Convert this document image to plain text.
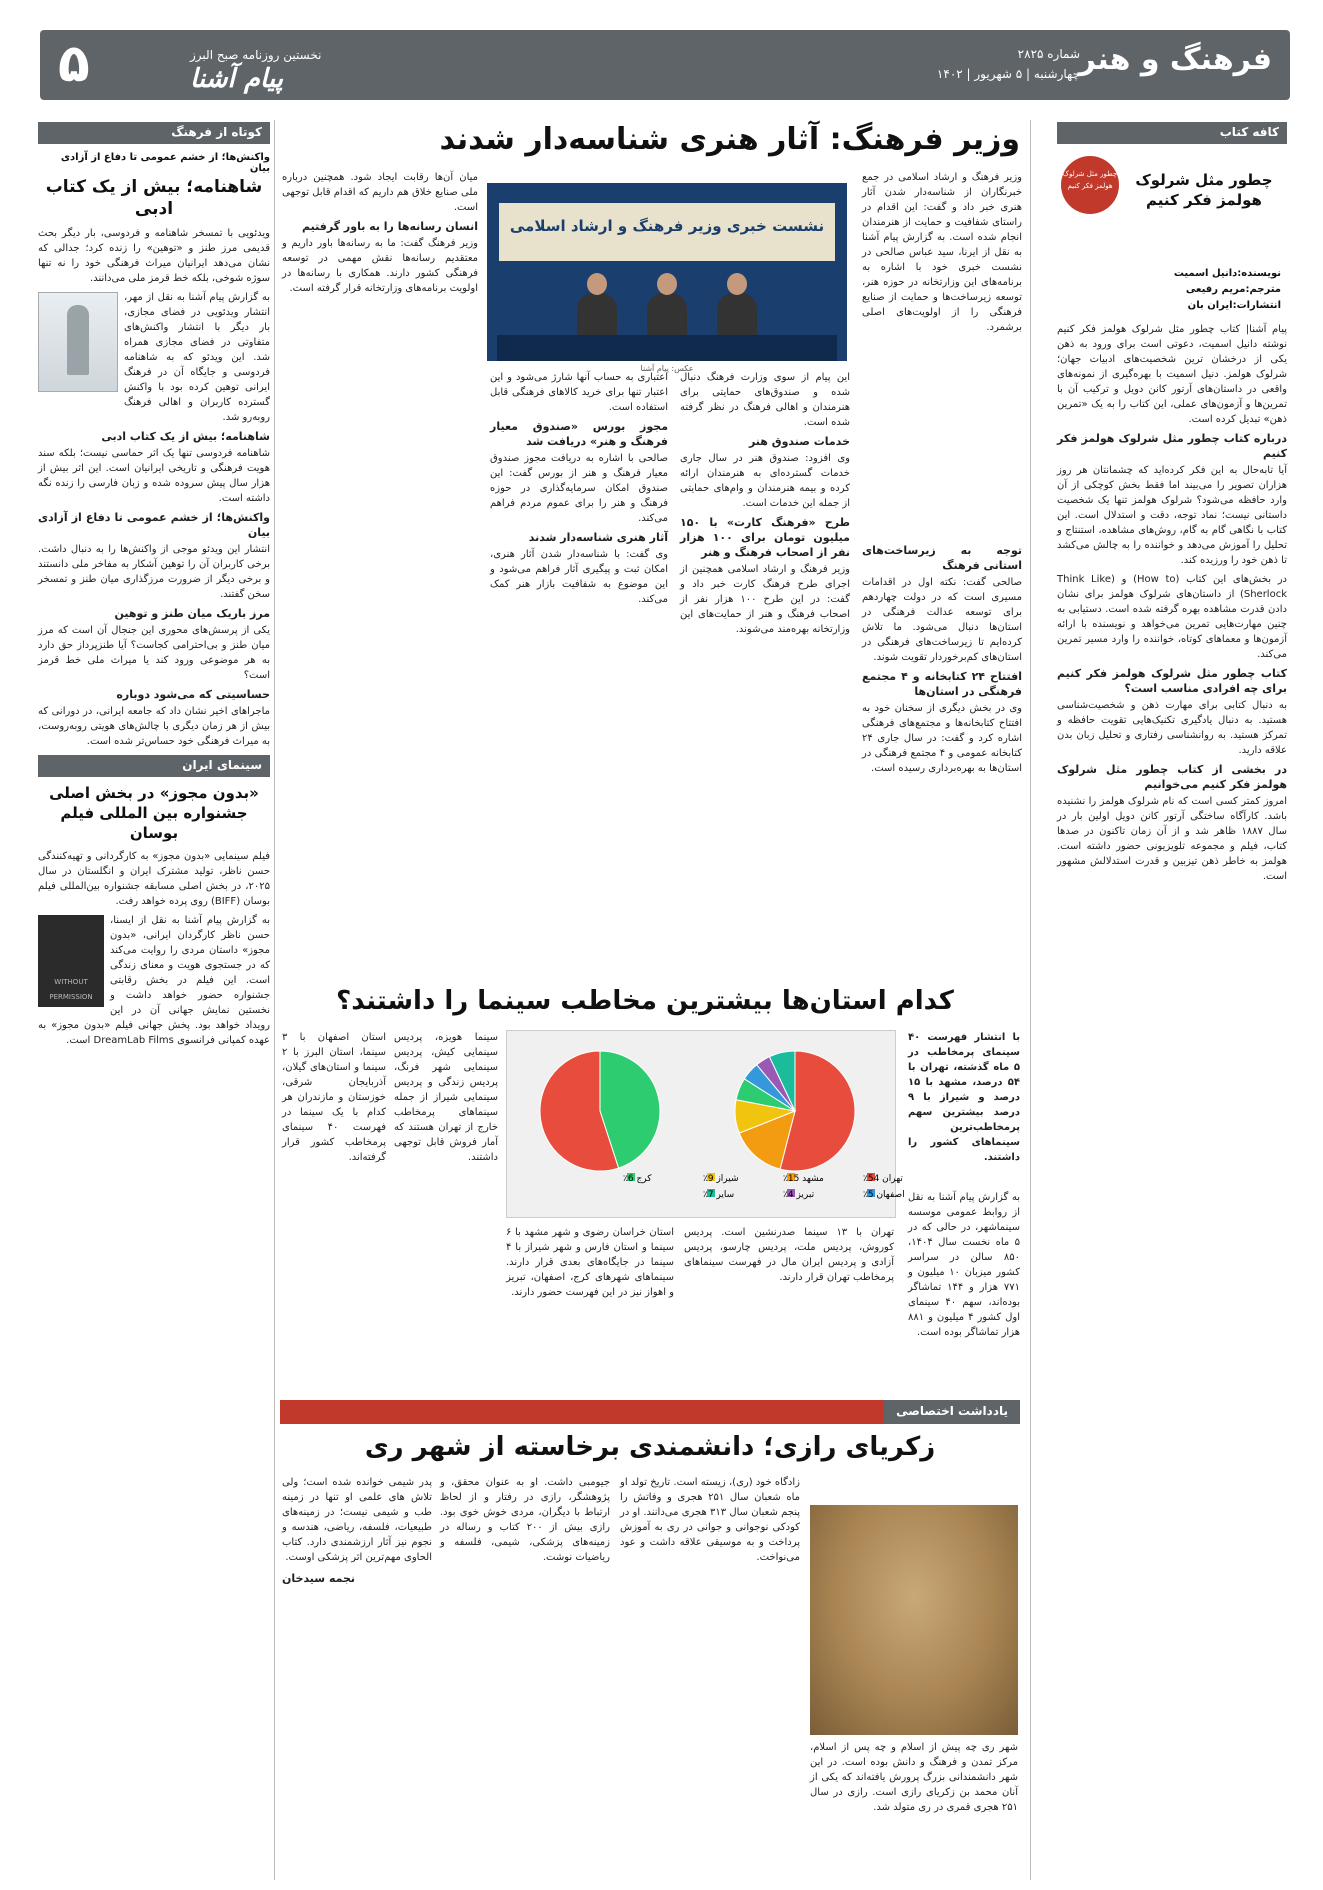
فرهنگ و هنر
شماره ۲۸۲۵
چهارشنبه | ۵ شهریور | ۱۴۰۲
نخستین روزنامه صبح البرز
پیام آشنا
۵
کافه کتاب
چطور مثل شرلوک هولمز فکر کنیم	چطور مثل شرلوک هولمز فکر کنیم
نویسنده:دانیل اسمیت
مترجم:مریم رفیعی
انتشارات:ایران بان

پیام آشنا| کتاب چطور مثل شرلوک هولمز فکر کنیم نوشته دانیل اسمیت، دعوتی است برای ورود به ذهن یکی از درخشان ترین شخصیت‌های ادبیات جهان؛ شرلوک هولمز. دنیل اسمیت با بهره‌گیری از نمونه‌های واقعی در داستان‌های آرتور کانن دویل و ترکیب آن با تمرین‌ها و آزمون‌های عملی، این کتاب را به یک «تمرین ذهن» تبدیل کرده است.

درباره کتاب چطور مثل شرلوک هولمز فکر کنیم

آیا تابه‌حال به این فکر کرده‌اید که چشمانتان هر روز هزاران تصویر را می‌بیند اما فقط بخش کوچکی از آن وارد حافظه می‌شود؟ شرلوک هولمز تنها یک شخصیت داستانی نیست؛ نماد توجه، دقت و استدلال است. این کتاب با نگاهی گام به گام، روش‌های مشاهده، استنتاج و تحلیل را آموزش می‌دهد و خواننده را به چالش می‌کشد تا ذهن خود را ورزیده کند.

در بخش‌های این کتاب (How to) و (Think Like Sherlock) از داستان‌های شرلوک هولمز برای نشان دادن قدرت مشاهده بهره گرفته شده است. دستیابی به چنین مهارت‌هایی تمرین می‌خواهد و نویسنده با ارائه آزمون‌ها و معماهای کوتاه، خواننده را وارد مسیر تمرین می‌کند.

کتاب چطور مثل شرلوک هولمز فکر کنیم برای چه افرادی مناسب است؟

به دنبال کتابی برای مهارت ذهن و شخصیت‌شناسی هستید. به دنبال یادگیری تکنیک‌هایی تقویت حافظه و تمرکز هستید. به روانشناسی رفتاری و تحلیل زبان بدن علاقه دارید.

در بخشی از کتاب چطور مثل شرلوک هولمز فکر کنیم می‌خوانیم

امروز کمتر کسی است که نام شرلوک هولمز را نشنیده باشد. کارآگاه ساختگی آرتور کانن دویل اولین بار در سال ۱۸۸۷ ظاهر شد و از آن زمان تاکنون در صدها کتاب، فیلم و مجموعه تلویزیونی حضور داشته است. هولمز به خاطر ذهن تیزبین و قدرت استدلالش مشهور است.

کوتاه از فرهنگ
واکنش‌ها؛ از خشم عمومی تا دفاع از آزادی بیان
شاهنامه؛ بیش از یک کتاب ادبی

ویدئویی با تمسخر شاهنامه و فردوسی، بار دیگر بحث قدیمی مرز طنز و «توهین» را زنده کرد؛ جدالی که نشان می‌دهد ایرانیان میراث فرهنگی خود را نه تنها سوژه شوخی، بلکه خط قرمز ملی می‌دانند.

به گزارش پیام آشنا به نقل از مهر، انتشار ویدئویی در فضای مجازی، بار دیگر با انتشار واکنش‌های متفاوتی در فضای مجازی همراه شد. این ویدئو که به شاهنامه فردوسی و جایگاه آن در فرهنگ ایرانی توهین کرده بود با واکنش گسترده کاربران و اهالی فرهنگ روبه‌رو شد.

شاهنامه؛ بیش از یک کتاب ادبی

شاهنامه فردوسی تنها یک اثر حماسی نیست؛ بلکه سند هویت فرهنگی و تاریخی ایرانیان است. این اثر بیش از هزار سال پیش سروده شده و زبان فارسی را زنده نگه داشته است.

واکنش‌ها؛ از خشم عمومی تا دفاع از آزادی بیان

انتشار این ویدئو موجی از واکنش‌ها را به دنبال داشت. برخی کاربران آن را توهین آشکار به مفاخر ملی دانستند و برخی دیگر از ضرورت مرزگذاری میان طنز و تمسخر سخن گفتند.

مرز باریک میان طنز و توهین

یکی از پرسش‌های محوری این جنجال آن است که مرز میان طنز و بی‌احترامی کجاست؟ آیا طنزپرداز حق دارد به هر موضوعی ورود کند یا میراث ملی خط قرمز است؟

حساسیتی که می‌شود دوباره

ماجراهای اخیر نشان داد که جامعه ایرانی، در دورانی که بیش از هر زمان دیگری با چالش‌های هویتی روبه‌روست، به میراث فرهنگی خود حساس‌تر شده است.

سینمای ایران
«بدون مجوز» در بخش اصلی جشنواره بین المللی فیلم بوسان

فیلم سینمایی «بدون مجوز» به کارگردانی و تهیه‌کنندگی حسن ناظر، تولید مشترک ایران و انگلستان در سال ۲۰۲۵، در بخش اصلی مسابقه جشنواره بین‌المللی فیلم بوسان (BIFF) روی پرده خواهد رفت.

WITHOUT PERMISSION

به گزارش پیام آشنا به نقل از ایسنا، حسن ناظر کارگردان ایرانی، «بدون مجوز» داستان مردی را روایت می‌کند که در جستجوی هویت و معنای زندگی است. این فیلم در بخش رقابتی جشنواره حضور خواهد داشت و نخستین نمایش جهانی آن در این رویداد خواهد بود. پخش جهانی فیلم «بدون مجوز» به عهده کمپانی فرانسوی DreamLab Films است.

وزیر فرهنگ: آثار هنری شناسه‌دار شدند
نشست خبری وزیر فرهنگ و ارشاد اسلامی

وزیر فرهنگ و ارشاد اسلامی در جمع خبرنگاران از شناسه‌دار شدن آثار هنری خبر داد و گفت: این اقدام در راستای شفافیت و حمایت از هنرمندان انجام شده است. به گزارش پیام آشنا به نقل از ایرنا، سید عباس صالحی در نشست خبری خود با اشاره به برنامه‌های این وزارتخانه در حوزه هنر، توسعه زیرساخت‌ها و حمایت از صنایع فرهنگی را از اولویت‌های اصلی برشمرد.

توجه به زیرساخت‌های استانی فرهنگ

صالحی گفت: نکته اول در اقدامات مسیری است که در دولت چهاردهم برای توسعه عدالت فرهنگی در استان‌ها دنبال می‌شود. ما تلاش کرده‌ایم تا زیرساخت‌های فرهنگی در استان‌های کم‌برخوردار تقویت شوند.

افتتاح ۲۴ کتابخانه و ۴ مجتمع فرهنگی در استان‌ها

وی در بخش دیگری از سخنان خود به افتتاح کتابخانه‌ها و مجتمع‌های فرهنگی اشاره کرد و گفت: در سال جاری ۲۴ کتابخانه عمومی و ۴ مجتمع فرهنگی در استان‌ها به بهره‌برداری رسیده است.

این پیام از سوی وزارت فرهنگ دنبال شده و صندوق‌های حمایتی برای هنرمندان و اهالی فرهنگ در نظر گرفته شده است.

خدمات صندوق هنر

وی افزود: صندوق هنر در سال جاری خدمات گسترده‌ای به هنرمندان ارائه کرده و بیمه هنرمندان و وام‌های حمایتی از جمله این خدمات است.

طرح «فرهنگ کارت» با ۱۵۰ میلیون تومان برای ۱۰۰ هزار نفر از اصحاب فرهنگ و هنر

وزیر فرهنگ و ارشاد اسلامی همچنین از اجرای طرح فرهنگ کارت خبر داد و گفت: در این طرح ۱۰۰ هزار نفر از اصحاب فرهنگ و هنر از حمایت‌های این وزارتخانه بهره‌مند می‌شوند.

اعتباری به حساب آنها شارژ می‌شود و این اعتبار تنها برای خرید کالاهای فرهنگی قابل استفاده است.

مجوز بورس «صندوق معیار فرهنگ و هنر» دریافت شد

صالحی با اشاره به دریافت مجوز صندوق معیار فرهنگ و هنر از بورس گفت: این صندوق امکان سرمایه‌گذاری در حوزه فرهنگ و هنر را برای عموم مردم فراهم می‌کند.

آثار هنری شناسه‌دار شدند

وی گفت: با شناسه‌دار شدن آثار هنری، امکان ثبت و پیگیری آثار فراهم می‌شود و این موضوع به شفافیت بازار هنر کمک می‌کند.

میان آن‌ها رقابت ایجاد شود. همچنین درباره ملی صنایع خلاق هم داریم که اقدام قابل توجهی است.

انسان رسانه‌ها را به باور گرفتیم

وزیر فرهنگ گفت: ما به رسانه‌ها باور داریم و معتقدیم رسانه‌ها نقش مهمی در توسعه فرهنگی کشور دارند. همکاری با رسانه‌ها در اولویت برنامه‌های وزارتخانه قرار گرفته است.

عکس: پیام آشنا
کدام استان‌ها بیشترین مخاطب سینما را داشتند؟
با انتشار فهرست ۴۰ سینمای پرمخاطب در ۵ ماه گذشته، تهران با ۵۴ درصد، مشهد با ۱۵ درصد و شیراز با ۹ درصد بیشترین سهم پرمخاطب‌ترین سینماهای کشور را داشتند.
به گزارش پیام آشنا به نقل از روابط عمومی موسسه سینماشهر، در حالی که در ۵ ماه نخست سال ۱۴۰۴، ۸۵۰ سالن در سراسر کشور میزبان ۱۰ میلیون و ۷۷۱ هزار و ۱۴۴ تماشاگر بوده‌اند، سهم ۴۰ سینمای اول کشور ۴ میلیون و ۸۸۱ هزار تماشاگر بوده است.
تهران 54٪
مشهد 15٪
شیراز 9٪
کرج 6٪
اصفهان 5٪
تبریز 4٪
سایر 7٪
تهران با ۱۳ سینما صدرنشین است. پردیس کوروش، پردیس ملت، پردیس چارسو، پردیس آزادی و پردیس ایران مال در فهرست سینماهای پرمخاطب تهران قرار دارند.
استان خراسان رضوی و شهر مشهد با ۶ سینما و استان فارس و شهر شیراز با ۴ سینما در جایگاه‌های بعدی قرار دارند. سینماهای شهرهای کرج، اصفهان، تبریز و اهواز نیز در این فهرست حضور دارند.
سینما هویزه، پردیس سینمایی کیش، پردیس سینمایی شهر فرنگ، پردیس زندگی و پردیس سینمایی شیراز از جمله سینماهای پرمخاطب خارج از تهران هستند که آمار فروش قابل توجهی داشتند.
استان اصفهان با ۳ سینما، استان البرز با ۲ سینما و استان‌های گیلان، آذربایجان شرقی، خوزستان و مازندران هر کدام با یک سینما در فهرست ۴۰ سینمای پرمخاطب کشور قرار گرفته‌اند.
یادداشت اختصاصی
زکریای رازی؛ دانشمندی برخاسته از شهر ری

شهر ری چه پیش از اسلام و چه پس از اسلام، مرکز تمدن و فرهنگ و دانش بوده است. در این شهر دانشمندانی بزرگ پرورش یافته‌اند که یکی از آنان محمد بن زکریای رازی است. رازی در سال ۲۵۱ هجری قمری در ری متولد شد.

زادگاه خود (ری)، زیسته است. تاریخ تولد او ماه شعبان سال ۲۵۱ هجری و وفاتش را پنجم شعبان سال ۳۱۳ هجری می‌دانند. او در کودکی نوجوانی و جوانی در ری به آموزش پرداخت و به موسیقی علاقه داشت و عود می‌نواخت.

جیومبی داشت. او به عنوان محقق، و پژوهشگر، رازی در رفتار و از لحاظ ارتباط با دیگران، مردی خوش خوی بود. رازی بیش از ۲۰۰ کتاب و رساله در زمینه‌های پزشکی، شیمی، فلسفه و ریاضیات نوشت.

پدر شیمی خوانده شده است؛ ولی تلاش های علمی او تنها در زمینه طب و شیمی نیست؛ در زمینه‌های طبیعیات، فلسفه، ریاضی، هندسه و نجوم نیز آثار ارزشمندی دارد. کتاب الحاوی مهم‌ترین اثر پزشکی اوست.

نجمه سیدخان
